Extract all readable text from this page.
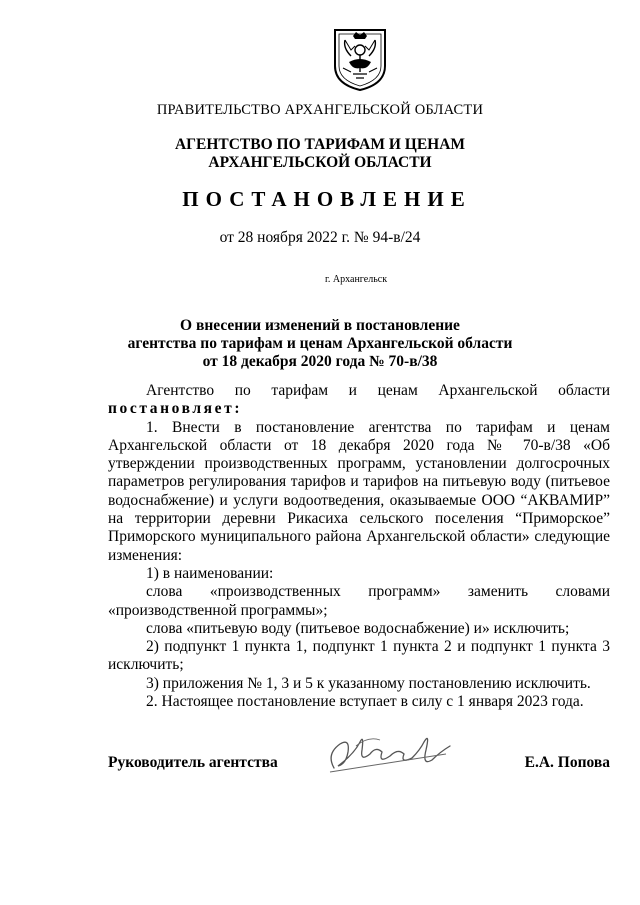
ПРАВИТЕЛЬСТВО АРХАНГЕЛЬСКОЙ ОБЛАСТИ
АГЕНТСТВО ПО ТАРИФАМ И ЦЕНАМ
АРХАНГЕЛЬСКОЙ ОБЛАСТИ
ПОСТАНОВЛЕНИЕ
от 28 ноября 2022 г. № 94-в/24
г. Архангельск
О внесении изменений в постановление
агентства по тарифам и ценам Архангельской области
от 18 декабря 2020 года № 70-в/38

Агентство по тарифам и ценам Архангельской области

постановляет:

1. Внести в постановление агентства по тарифам и ценам Архангельской области от 18 декабря 2020 года № 70-в/38 «Об утверждении производственных программ, установлении долгосрочных параметров регулирования тарифов и тарифов на питьевую воду (питьевое водоснабжение) и услуги водоотведения, оказываемые ООО “АКВАМИР” на территории деревни Рикасиха сельского поселения “Приморское” Приморского муниципального района Архангельской области» следующие изменения:

1) в наименовании:

слова «производственных программ» заменить словами «производственной программы»;

слова «питьевую воду (питьевое водоснабжение) и» исключить;

2) подпункт 1 пункта 1, подпункт 1 пункта 2 и подпункт 1 пункта 3 исключить;

3) приложения № 1, 3 и 5 к указанному постановлению исключить.

2. Настоящее постановление вступает в силу с 1 января 2023 года.

Руководитель агентства	Е.А. Попова
